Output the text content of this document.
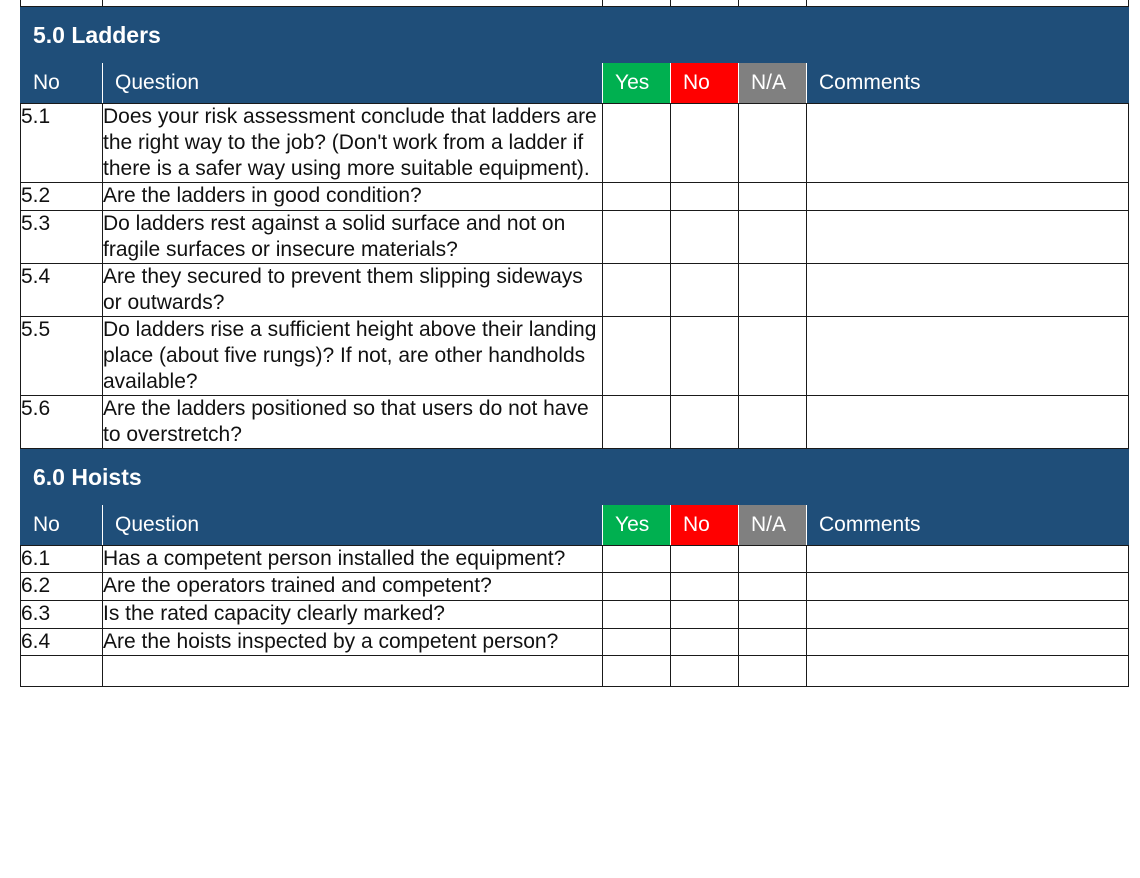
5.0 Ladders					
No	Question	Yes	No	N/A	Comments
5.1	Does your risk assessment conclude that ladders are the right way to the job? (Don't work from a ladder if there is a safer way using more suitable equipment).				
5.2	Are the ladders in good condition?				
5.3	Do ladders rest against a solid surface and not on fragile surfaces or insecure materials?				
5.4	Are they secured to prevent them slipping sideways or outwards?				
5.5	Do ladders rise a sufficient height above their landing place (about five rungs)? If not, are other handholds available?				
5.6	Are the ladders positioned so that users do not have to overstretch?				
6.0 Hoists					
No	Question	Yes	No	N/A	Comments
6.1	Has a competent person installed the equipment?				
6.2	Are the operators trained and competent?				
6.3	Is the rated capacity clearly marked?				
6.4	Are the hoists inspected by a competent person?				
